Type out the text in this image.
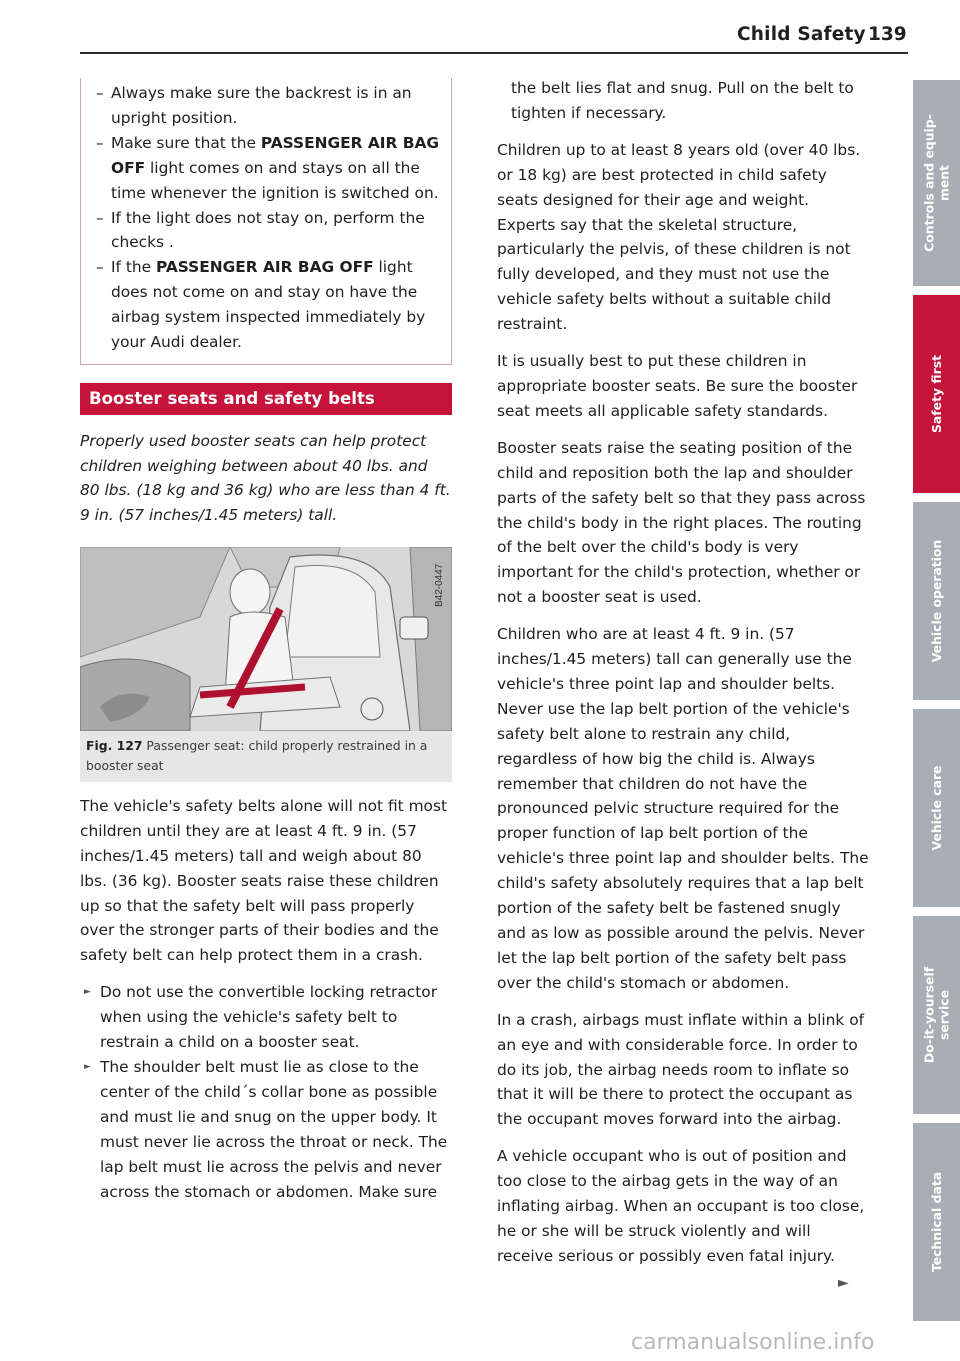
Child Safety 139
– Always make sure the backrest is in an upright position.
– Make sure that the PASSENGER AIR BAG OFF light comes on and stays on all the time whenever the ignition is switched on.
– If the light does not stay on, perform the checks .
– If the PASSENGER AIR BAG OFF light does not come on and stay on have the airbag system inspected immediately by your Audi dealer.
Booster seats and safety belts

Properly used booster seats can help protect children weighing between about 40 lbs. and 80 lbs. (18 kg and 36 kg) who are less than 4 ft. 9 in. (57 inches/1.45 meters) tall.

B42-0447
Fig. 127 Passenger seat: child properly restrained in a booster seat

The vehicle's safety belts alone will not fit most children until they are at least 4 ft. 9 in. (57 inches/1.45 meters) tall and weigh about 80 lbs. (36 kg). Booster seats raise these children up so that the safety belt will pass properly over the stronger parts of their bodies and the safety belt can help protect them in a crash.

► Do not use the convertible locking retractor when using the vehicle's safety belt to restrain a child on a booster seat.
► The shoulder belt must lie as close to the center of the child´s collar bone as possible and must lie and snug on the upper body. It must never lie across the throat or neck. The lap belt must lie across the pelvis and never across the stomach or abdomen. Make sure

the belt lies flat and snug. Pull on the belt to tighten if necessary.

Children up to at least 8 years old (over 40 lbs. or 18 kg) are best protected in child safety seats designed for their age and weight. Experts say that the skeletal structure, particularly the pelvis, of these children is not fully developed, and they must not use the vehicle safety belts without a suitable child restraint.

It is usually best to put these children in appropriate booster seats. Be sure the booster seat meets all applicable safety standards.

Booster seats raise the seating position of the child and reposition both the lap and shoulder parts of the safety belt so that they pass across the child's body in the right places. The routing of the belt over the child's body is very important for the child's protection, whether or not a booster seat is used.

Children who are at least 4 ft. 9 in. (57 inches/1.45 meters) tall can generally use the vehicle's three point lap and shoulder belts. Never use the lap belt portion of the vehicle's safety belt alone to restrain any child, regardless of how big the child is. Always remember that children do not have the pronounced pelvic structure required for the proper function of lap belt portion of the vehicle's three point lap and shoulder belts. The child's safety absolutely requires that a lap belt portion of the safety belt be fastened snugly and as low as possible around the pelvis. Never let the lap belt portion of the safety belt pass over the child's stomach or abdomen.

In a crash, airbags must inflate within a blink of an eye and with considerable force. In order to do its job, the airbag needs room to inflate so that it will be there to protect the occupant as the occupant moves forward into the airbag.

A vehicle occupant who is out of position and too close to the airbag gets in the way of an inflating airbag. When an occupant is too close, he or she will be struck violently and will receive serious or possibly even fatal injury.

►
Controls and equip- ment
Safety first
Vehicle operation
Vehicle care
Do-it-yourself service
Technical data
carmanualsonline.info
